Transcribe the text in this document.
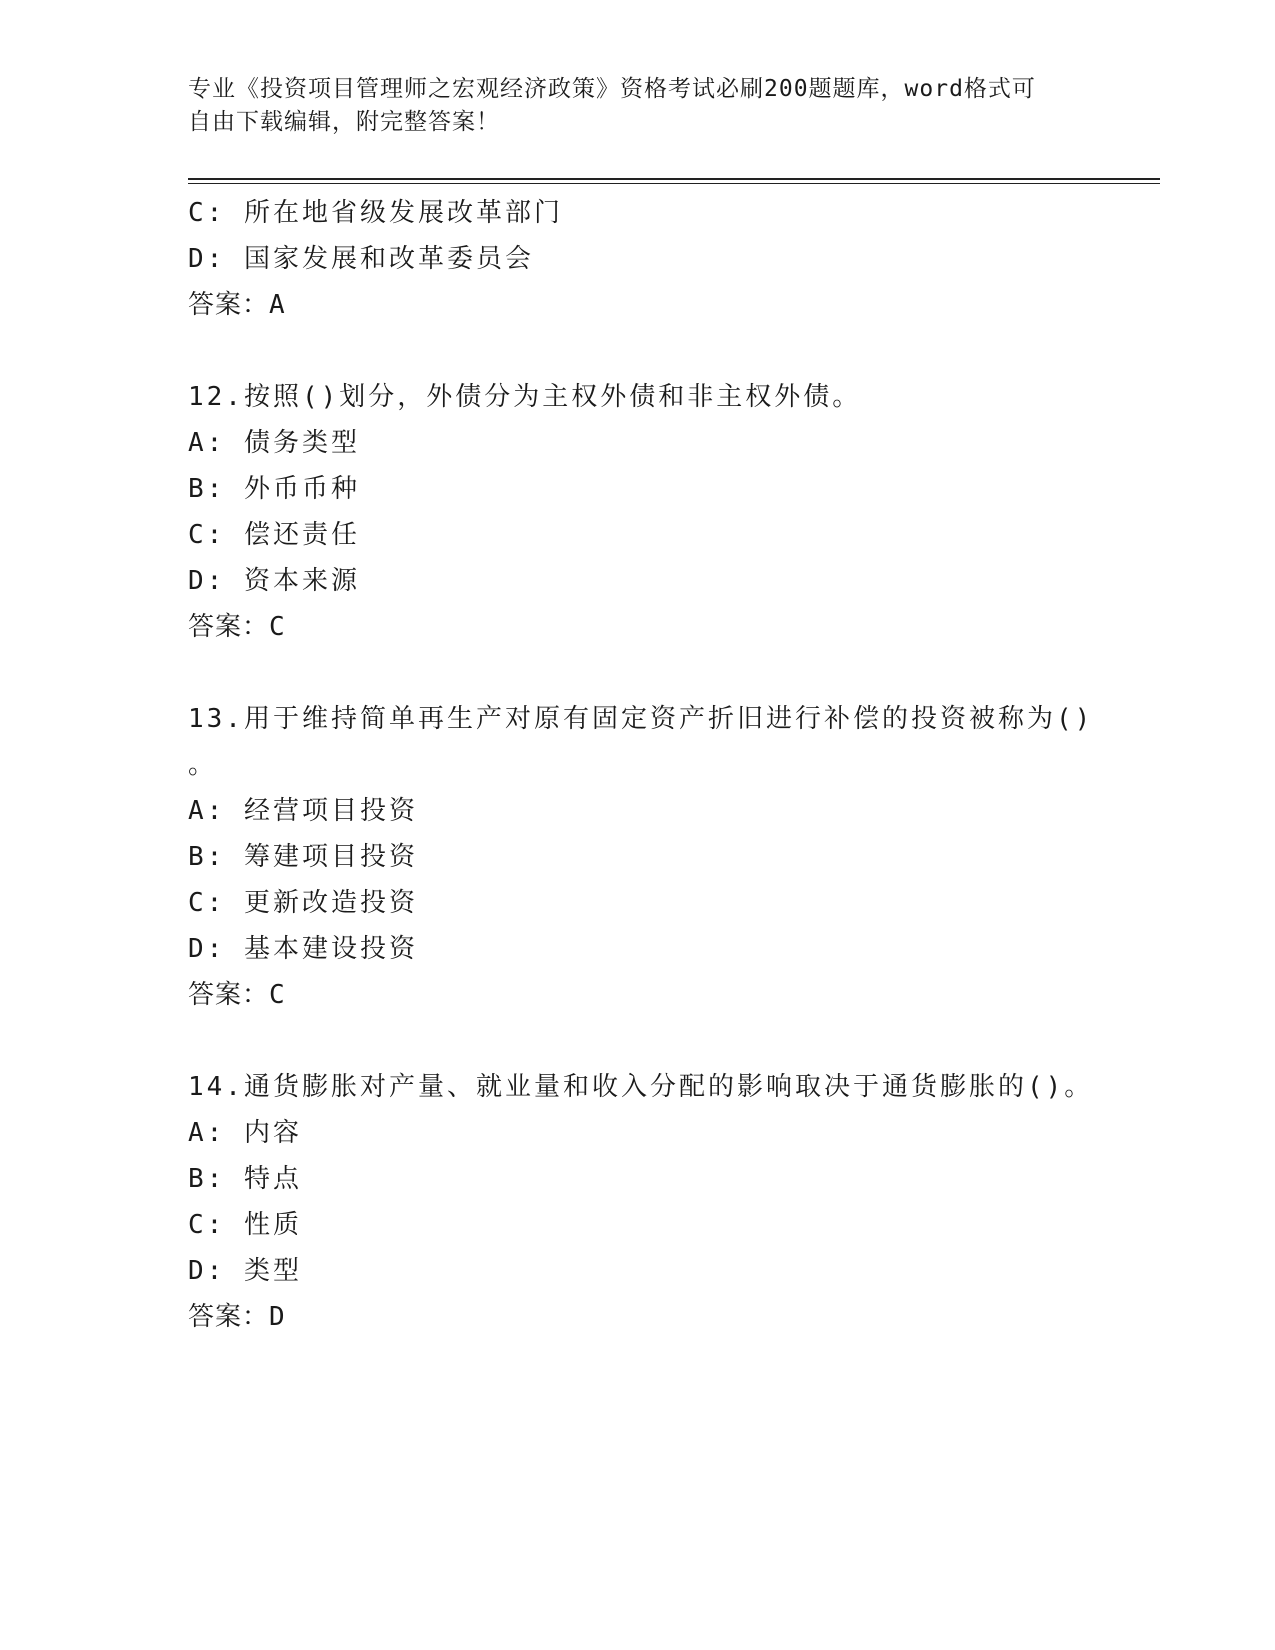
专业《投资项目管理师之宏观经济政策》资格考试必刷200题题库，word格式可
自由下载编辑，附完整答案！
C: 所在地省级发展改革部门
D: 国家发展和改革委员会
答案：A
12.按照()划分，外债分为主权外债和非主权外债。
A: 债务类型
B: 外币币种
C: 偿还责任
D: 资本来源
答案：C
13.用于维持简单再生产对原有固定资产折旧进行补偿的投资被称为()
。
A: 经营项目投资
B: 筹建项目投资
C: 更新改造投资
D: 基本建设投资
答案：C
14.通货膨胀对产量、就业量和收入分配的影响取决于通货膨胀的()。
A: 内容
B: 特点
C: 性质
D: 类型
答案：D
